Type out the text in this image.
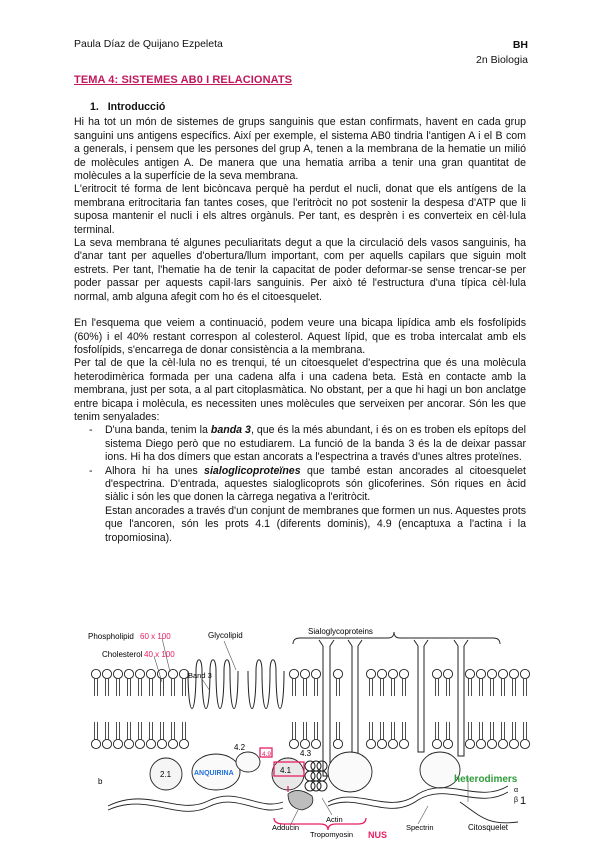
Paula Díaz de Quijano Ezpeleta	BH
2n Biologia
TEMA 4: SISTEMES AB0 I RELACIONATS

1. Introducció

Hi ha tot un món de sistemes de grups sanguinis que estan confirmats, havent en cada grup sanguini uns antigens específics. Així per exemple, el sistema AB0 tindria l'antigen A i el B com a generals, i pensem que les persones del grup A, tenen a la membrana de la hematie un milió de molècules antigen A. De manera que una hematia arriba a tenir una gran quantitat de molècules a la superfície de la seva membrana.

L'eritrocit té forma de lent bicòncava perquè ha perdut el nucli, donat que els antígens de la membrana eritrocitaria fan tantes coses, que l'eritròcit no pot sostenir la despesa d'ATP que li suposa mantenir el nucli i els altres orgànuls. Per tant, es desprèn i es converteix en cèl·lula terminal.

La seva membrana té algunes peculiaritats degut a que la circulació dels vasos sanguinis, ha d'anar tant per aquelles d'obertura/llum important, com per aquells capilars que siguin molt estrets. Per tant, l'hematie ha de tenir la capacitat de poder deformar-se sense trencar-se per poder passar per aquests capil·lars sanguinis. Per això té l'estructura d'una típica cèl·lula normal, amb alguna afegit com ho és el citoesquelet.

En l'esquema que veiem a continuació, podem veure una bicapa lipídica amb els fosfolípids (60%) i el 40% restant correspon al colesterol. Aquest lípid, que es troba intercalat amb els fosfolípids, s'encarrega de donar consistència a la membrana.

Per tal de que la cèl·lula no es trenqui, té un citoesquelet d'espectrina que és una molècula heterodimèrica formada per una cadena alfa i una cadena beta. Està en contacte amb la membrana, just per sota, a al part citoplasmàtica. No obstant, per a que hi hagi un bon anclatge entre bicapa i molècula, es necessiten unes molècules que serveixen per ancorar. Són les que tenim senyalades:

- D'una banda, tenim la banda 3, que és la més abundant, i és on es troben els epítops del sistema Diego però que no estudiarem. La funció de la banda 3 és la de deixar passar ions. Hi ha dos dímers que estan ancorats a l'espectrina a través d'unes altres proteïnes.
- Alhora hi ha unes sialoglicoproteïnes que també estan ancorades al citoesquelet d'espectrina. D'entrada, aquestes sialoglicoprots són glicoferines. Són riques en àcid siàlic i són les que donen la càrrega negativa a l'eritròcit.

Estan ancorades a través d'un conjunt de membranes que formen un nus. Aquestes prots que l'ancoren, són les prots 4.1 (diferents dominis), 4.9 (encaptuxa a l'actina i la tropomiosina).

Phospholipid 60 x 100
Cholesterol 40 x 100
Glycolipid	Sialoglycoproteins
Band 3
2.1	ANQUIRINA
4.2
4.3
4.1
4.9
b	heterodimers
α
β
Adducin
Actin
Tropomyosin
Spectrin
NUS
Citosquelet
1
